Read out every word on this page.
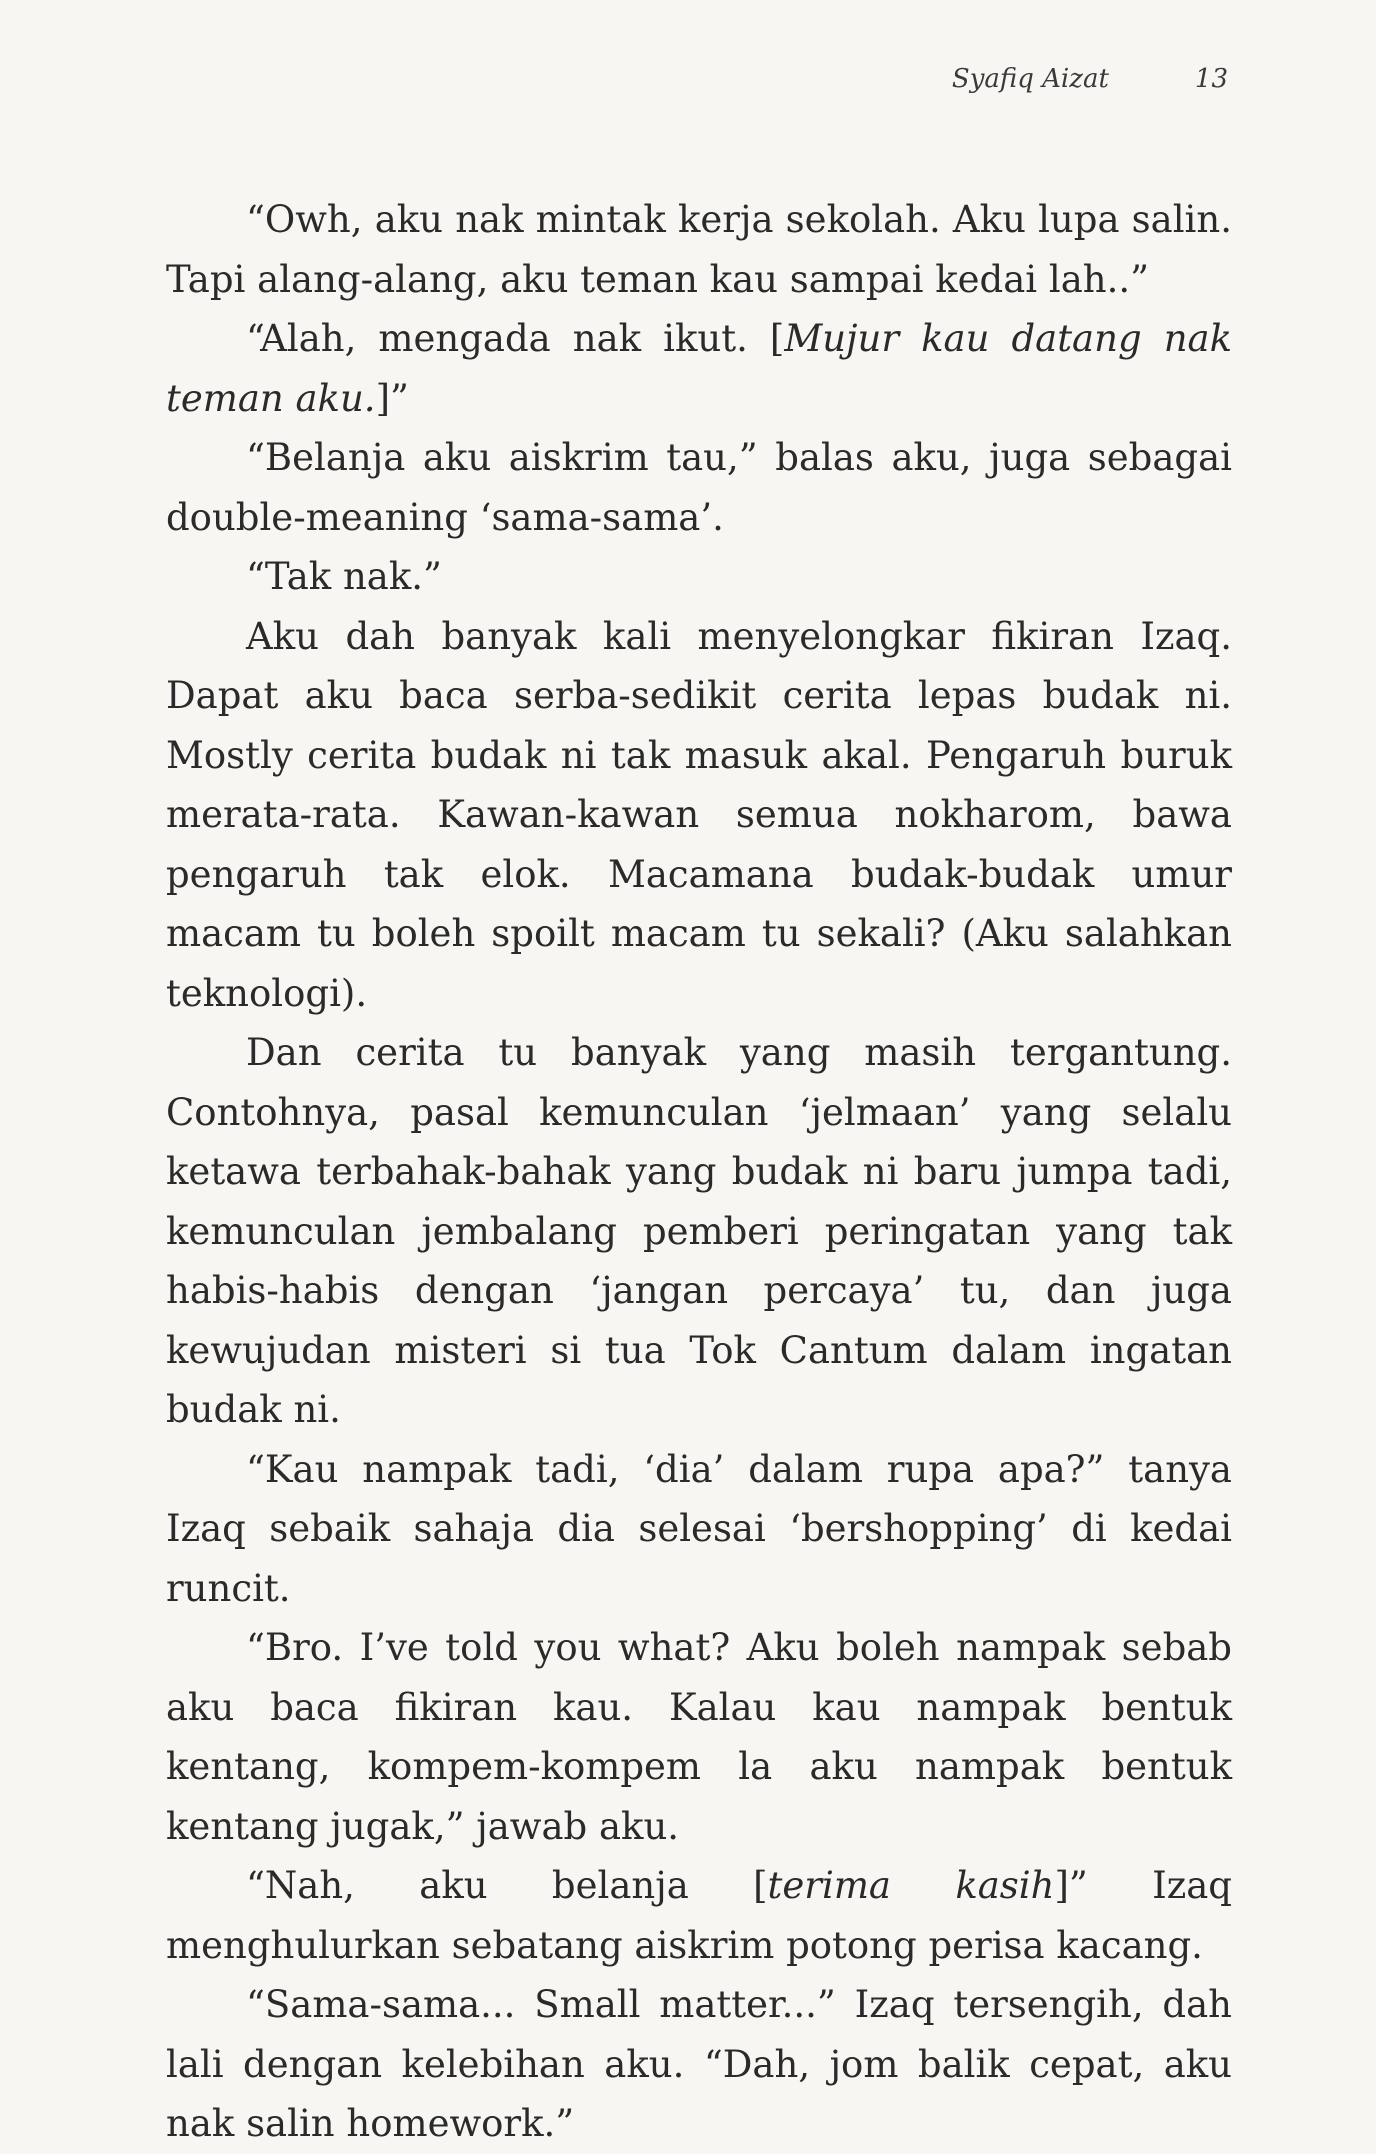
Syafiq Aizat	13

“Owh, aku nak mintak kerja sekolah. Aku lupa salin. Tapi alang-alang, aku teman kau sampai kedai lah..”

“Alah, mengada nak ikut. [Mujur kau datang nak teman aku.]”

“Belanja aku aiskrim tau,” balas aku, juga sebagai double-meaning ‘sama-sama’.

“Tak nak.”

Aku dah banyak kali menyelongkar fikiran Izaq. Dapat aku baca serba-sedikit cerita lepas budak ni. Mostly cerita budak ni tak masuk akal. Pengaruh buruk merata-rata. Kawan-kawan semua nokharom, bawa pengaruh tak elok. Macamana budak-budak umur macam tu boleh spoilt macam tu sekali? (Aku salahkan teknologi).

Dan cerita tu banyak yang masih tergantung. Contohnya, pasal kemunculan ‘jelmaan’ yang selalu ketawa terbahak-bahak yang budak ni baru jumpa tadi, kemunculan jembalang pemberi peringatan yang tak habis-habis dengan ‘jangan percaya’ tu, dan juga kewujudan misteri si tua Tok Cantum dalam ingatan budak ni.

“Kau nampak tadi, ‘dia’ dalam rupa apa?” tanya Izaq sebaik sahaja dia selesai ‘bershopping’ di kedai runcit.

“Bro. I’ve told you what? Aku boleh nampak sebab aku baca fikiran kau. Kalau kau nampak bentuk kentang, kompem-kompem la aku nampak bentuk kentang jugak,” jawab aku.

“Nah, aku belanja [terima kasih]” Izaq menghulurkan sebatang aiskrim potong perisa kacang.

“Sama-sama... Small matter...” Izaq tersengih, dah lali dengan kelebihan aku. “Dah, jom balik cepat, aku nak salin homework.”
